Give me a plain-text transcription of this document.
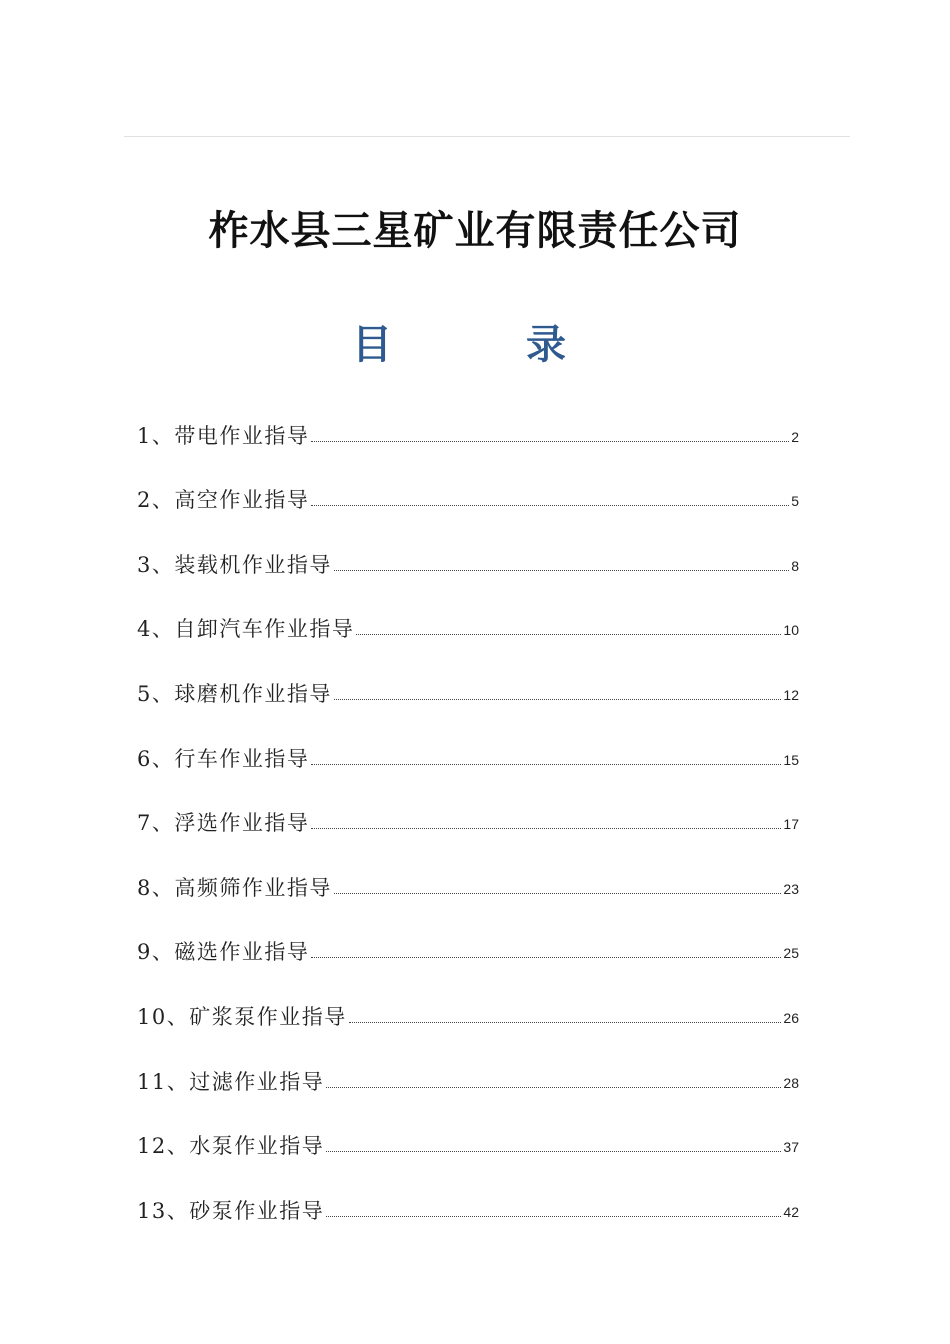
柞水县三星矿业有限责任公司
目 录
1、 带电作业指导	2
2、 高空作业指导	5
3、 装载机作业指导	8
4、 自卸汽车作业指导	10
5、 球磨机作业指导	12
6、 行车作业指导	15
7、 浮选作业指导	17
8、 高频筛作业指导	23
9、 磁选作业指导	25
10、 矿浆泵作业指导	26
11、 过滤作业指导	28
12、 水泵作业指导	37
13、 砂泵作业指导	42
